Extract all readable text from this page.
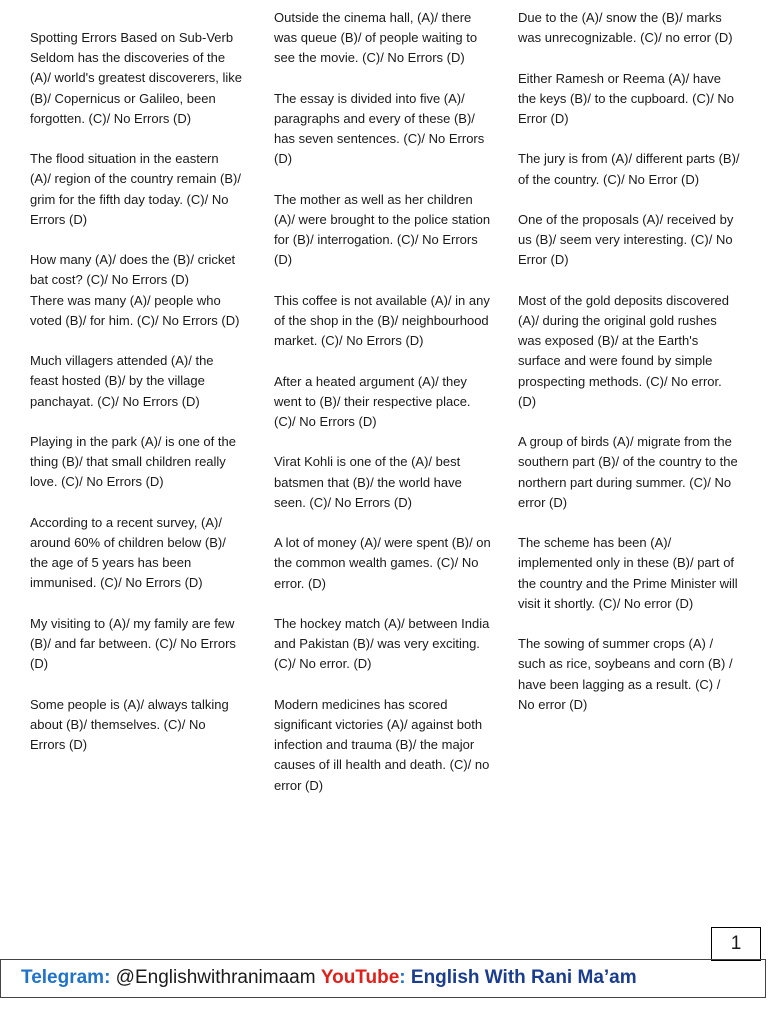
Spotting Errors Based on Sub-Verb
Seldom has the discoveries of the (A)/ world's greatest discoverers, like (B)/ Copernicus or Galileo, been forgotten. (C)/ No Errors (D)
The flood situation in the eastern (A)/ region of the country remain (B)/ grim for the fifth day today. (C)/ No Errors (D)
How many (A)/ does the (B)/ cricket bat cost? (C)/ No Errors (D)
There was many (A)/ people who voted (B)/ for him. (C)/ No Errors (D)
Much villagers attended (A)/ the feast hosted (B)/ by the village panchayat. (C)/ No Errors (D)
Playing in the park (A)/ is one of the thing (B)/ that small children really love. (C)/ No Errors (D)
According to a recent survey, (A)/ around 60% of children below (B)/ the age of 5 years has been immunised. (C)/ No Errors (D)
My visiting to (A)/ my family are few (B)/ and far between. (C)/ No Errors (D)
Some people is (A)/ always talking about (B)/ themselves. (C)/ No Errors (D)
Outside the cinema hall, (A)/ there was queue (B)/ of people waiting to see the movie. (C)/ No Errors (D)
The essay is divided into five (A)/ paragraphs and every of these (B)/ has seven sentences. (C)/ No Errors (D)
The mother as well as her children (A)/ were brought to the police station for (B)/ interrogation. (C)/ No Errors (D)
This coffee is not available (A)/ in any of the shop in the (B)/ neighbourhood market. (C)/ No Errors (D)
After a heated argument (A)/ they went to (B)/ their respective place. (C)/ No Errors (D)
Virat Kohli is one of the (A)/ best batsmen that (B)/ the world have seen. (C)/ No Errors (D)
A lot of money (A)/ were spent (B)/ on the common wealth games. (C)/ No error. (D)
The hockey match (A)/ between India and Pakistan (B)/ was very exciting. (C)/ No error. (D)
Modern medicines has scored significant victories (A)/ against both infection and trauma (B)/ the major causes of ill health and death. (C)/ no error (D)
Due to the (A)/ snow the (B)/ marks was unrecognizable. (C)/ no error (D)
Either Ramesh or Reema (A)/ have the keys (B)/ to the cupboard. (C)/ No Error (D)
The jury is from (A)/ different parts (B)/ of the country. (C)/ No Error (D)
One of the proposals (A)/ received by us (B)/ seem very interesting. (C)/ No Error (D)
Most of the gold deposits discovered (A)/ during the original gold rushes was exposed (B)/ at the Earth's surface and were found by simple prospecting methods. (C)/ No error. (D)
A group of birds (A)/ migrate from the southern part (B)/ of the country to the northern part during summer. (C)/ No error (D)
The scheme has been (A)/ implemented only in these (B)/ part of the country and the Prime Minister will visit it shortly. (C)/ No error (D)
The sowing of summer crops (A) / such as rice, soybeans and corn (B) / have been lagging as a result. (C) / No error (D)
1
Telegram: @Englishwithranimaam YouTube: English With Rani Ma’am
